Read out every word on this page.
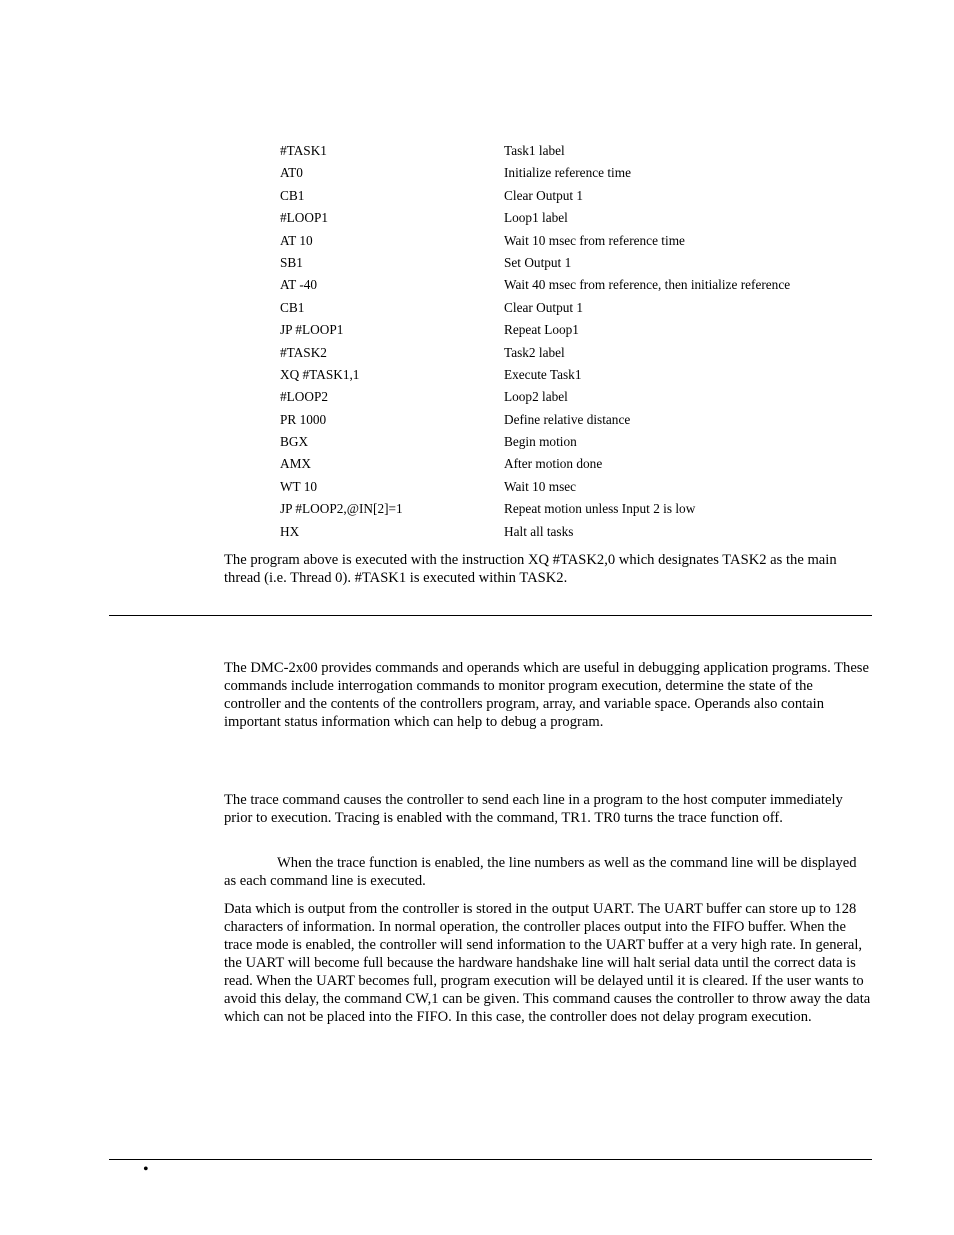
#TASK1	Task1 label
AT0	Initialize reference time
CB1	Clear Output 1
#LOOP1	Loop1 label
AT 10	Wait 10 msec from reference time
SB1	Set Output 1
AT -40	Wait 40 msec from reference, then initialize reference
CB1	Clear Output 1
JP #LOOP1	Repeat Loop1
#TASK2	Task2 label
XQ #TASK1,1	Execute Task1
#LOOP2	Loop2 label
PR 1000	Define relative distance
BGX	Begin motion
AMX	After motion done
WT 10	Wait 10 msec
JP #LOOP2,@IN[2]=1	Repeat motion unless Input 2 is low
HX	Halt all tasks

The program above is executed with the instruction XQ #TASK2,0 which designates TASK2 as the main thread (i.e. Thread 0). #TASK1 is executed within TASK2.

The DMC-2x00 provides commands and operands which are useful in debugging application programs. These commands include interrogation commands to monitor program execution, determine the state of the controller and the contents of the controllers program, array, and variable space. Operands also contain important status information which can help to debug a program.

The trace command causes the controller to send each line in a program to the host computer immediately prior to execution. Tracing is enabled with the command, TR1. TR0 turns the trace function off.

When the trace function is enabled, the line numbers as well as the command line will be displayed as each command line is executed.

Data which is output from the controller is stored in the output UART. The UART buffer can store up to 128 characters of information. In normal operation, the controller places output into the FIFO buffer. When the trace mode is enabled, the controller will send information to the UART buffer at a very high rate. In general, the UART will become full because the hardware handshake line will halt serial data until the correct data is read. When the UART becomes full, program execution will be delayed until it is cleared. If the user wants to avoid this delay, the command CW,1 can be given. This command causes the controller to throw away the data which can not be placed into the FIFO. In this case, the controller does not delay program execution.

•
